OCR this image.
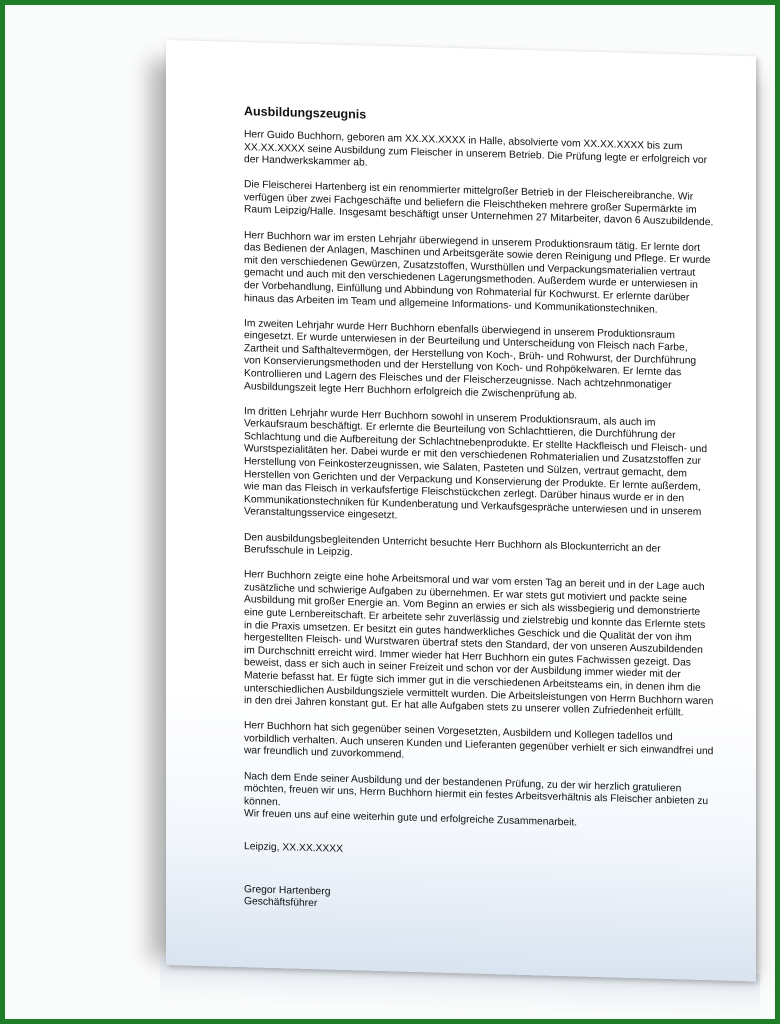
Ausbildungszeugnis

Herr Guido Buchhorn, geboren am XX.XX.XXXX in Halle, absolvierte vom XX.XX.XXXX bis zum XX.XX.XXXX seine Ausbildung zum Fleischer in unserem Betrieb. Die Prüfung legte er erfolgreich vor der Handwerkskammer ab.

Die Fleischerei Hartenberg ist ein renommierter mittelgroßer Betrieb in der Fleischereibranche. Wir verfügen über zwei Fachgeschäfte und beliefern die Fleischtheken mehrere großer Supermärkte im Raum Leipzig/Halle. Insgesamt beschäftigt unser Unternehmen 27 Mitarbeiter, davon 6 Auszubildende.

Herr Buchhorn war im ersten Lehrjahr überwiegend in unserem Produktionsraum tätig. Er lernte dort das Bedienen der Anlagen, Maschinen und Arbeitsgeräte sowie deren Reinigung und Pflege. Er wurde mit den verschiedenen Gewürzen, Zusatzstoffen, Wursthüllen und Verpackungsmaterialien vertraut gemacht und auch mit den verschiedenen Lagerungsmethoden. Außerdem wurde er unterwiesen in der Vorbehandlung, Einfüllung und Abbindung von Rohmaterial für Kochwurst. Er erlernte darüber hinaus das Arbeiten im Team und allgemeine Informations- und Kommunikationstechniken.

Im zweiten Lehrjahr wurde Herr Buchhorn ebenfalls überwiegend in unserem Produktionsraum eingesetzt. Er wurde unterwiesen in der Beurteilung und Unterscheidung von Fleisch nach Farbe, Zartheit und Safthaltevermögen, der Herstellung von Koch-, Brüh- und Rohwurst, der Durchführung von Konservierungsmethoden und der Herstellung von Koch- und Rohpökelwaren. Er lernte das Kontrollieren und Lagern des Fleisches und der Fleischerzeugnisse. Nach achtzehnmonatiger Ausbildungszeit legte Herr Buchhorn erfolgreich die Zwischenprüfung ab.

Im dritten Lehrjahr wurde Herr Buchhorn sowohl in unserem Produktionsraum, als auch im Verkaufsraum beschäftigt. Er erlernte die Beurteilung von Schlachttieren, die Durchführung der Schlachtung und die Aufbereitung der Schlachtnebenprodukte. Er stellte Hackfleisch und Fleisch- und Wurstspezialitäten her. Dabei wurde er mit den verschiedenen Rohmaterialien und Zusatzstoffen zur Herstellung von Feinkosterzeugnissen, wie Salaten, Pasteten und Sülzen, vertraut gemacht, dem Herstellen von Gerichten und der Verpackung und Konservierung der Produkte. Er lernte außerdem, wie man das Fleisch in verkaufsfertige Fleischstückchen zerlegt. Darüber hinaus wurde er in den Kommunikationstechniken für Kundenberatung und Verkaufsgespräche unterwiesen und in unserem Veranstaltungsservice eingesetzt.

Den ausbildungsbegleitenden Unterricht besuchte Herr Buchhorn als Blockunterricht an der Berufsschule in Leipzig.

Herr Buchhorn zeigte eine hohe Arbeitsmoral und war vom ersten Tag an bereit und in der Lage auch zusätzliche und schwierige Aufgaben zu übernehmen. Er war stets gut motiviert und packte seine Ausbildung mit großer Energie an. Vom Beginn an erwies er sich als wissbegierig und demonstrierte eine gute Lernbereitschaft. Er arbeitete sehr zuverlässig und zielstrebig und konnte das Erlernte stets in die Praxis umsetzen. Er besitzt ein gutes handwerkliches Geschick und die Qualität der von ihm hergestellten Fleisch- und Wurstwaren übertraf stets den Standard, der von unseren Auszubildenden im Durchschnitt erreicht wird. Immer wieder hat Herr Buchhorn ein gutes Fachwissen gezeigt. Das beweist, dass er sich auch in seiner Freizeit und schon vor der Ausbildung immer wieder mit der Materie befasst hat. Er fügte sich immer gut in die verschiedenen Arbeitsteams ein, in denen ihm die unterschiedlichen Ausbildungsziele vermittelt wurden. Die Arbeitsleistungen von Herrn Buchhorn waren in den drei Jahren konstant gut. Er hat alle Aufgaben stets zu unserer vollen Zufriedenheit erfüllt.

Herr Buchhorn hat sich gegenüber seinen Vorgesetzten, Ausbildern und Kollegen tadellos und vorbildlich verhalten. Auch unseren Kunden und Lieferanten gegenüber verhielt er sich einwandfrei und war freundlich und zuvorkommend.

Nach dem Ende seiner Ausbildung und der bestandenen Prüfung, zu der wir herzlich gratulieren möchten, freuen wir uns, Herrn Buchhorn hiermit ein festes Arbeitsverhältnis als Fleischer anbieten zu können.

Wir freuen uns auf eine weiterhin gute und erfolgreiche Zusammenarbeit.

Leipzig, XX.XX.XXXX

Gregor Hartenberg
Geschäftsführer
